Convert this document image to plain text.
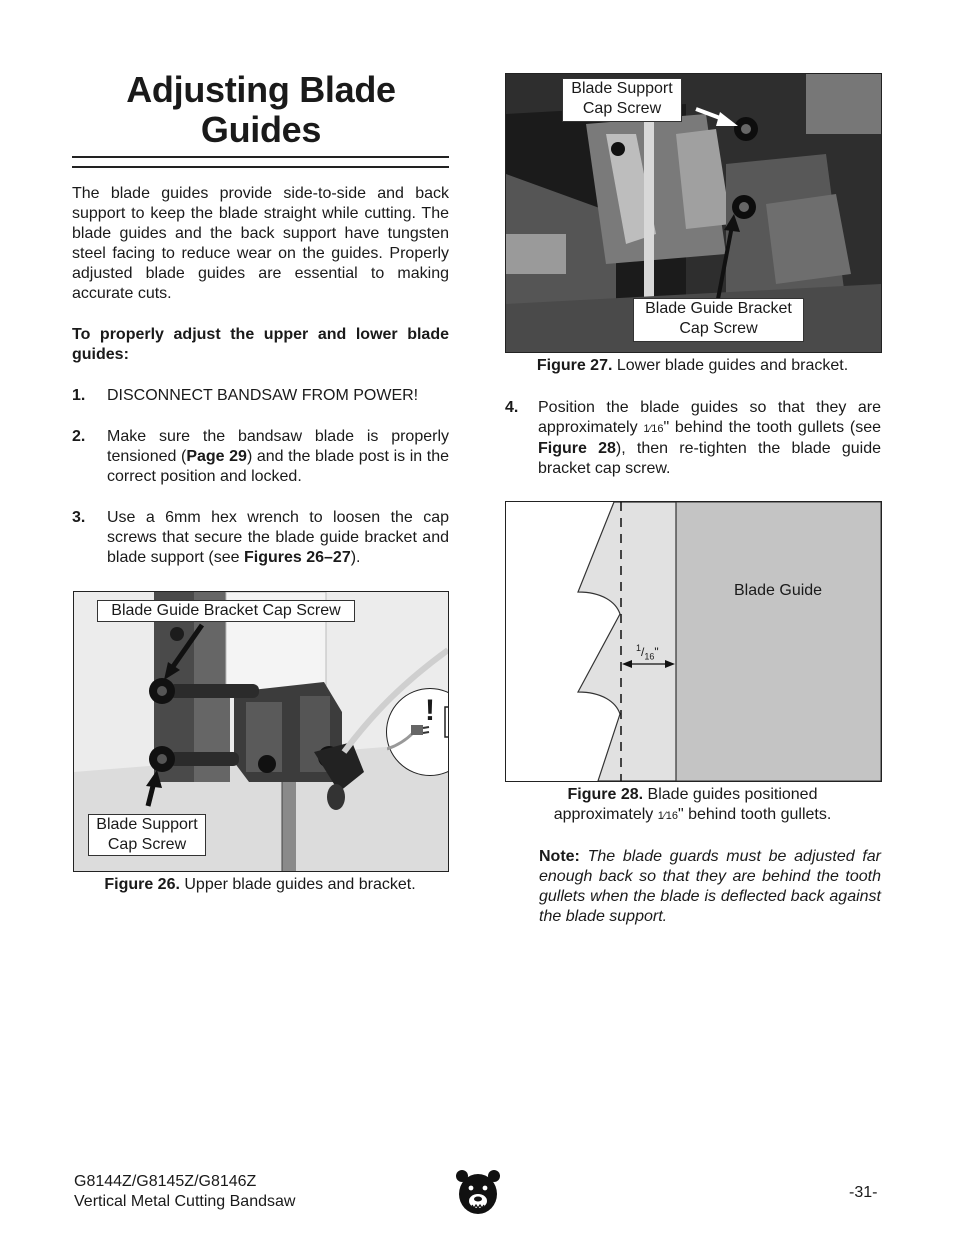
Adjusting Blade
Guides

The blade guides provide side-to-side and back support to keep the blade straight while cutting. The blade guides and the back support have tungsten steel facing to reduce wear on the guides. Properly adjusted blade guides are essential to making accurate cuts.

To properly adjust the upper and lower blade guides:

1. DISCONNECT BANDSAW FROM POWER!
2. Make sure the bandsaw blade is properly tensioned (Page 29) and the blade post is in the correct position and locked.
3. Use a 6mm hex wrench to loosen the cap screws that secure the blade guide bracket and blade support (see Figures 26–27).
!
Blade Guide Bracket Cap Screw
Blade Support
Cap Screw
Figure 26. Upper blade guides and bracket.
Blade Support
Cap Screw
Blade Guide Bracket
Cap Screw
Figure 27. Lower blade guides and bracket.
4. Position the blade guides so that they are approximately 1⁄16" behind the tooth gullets (see Figure 28), then re-tighten the blade guide bracket cap screw.
Blade Guide
$^1/_{16}$"
Figure 28. Blade guides positioned
approximately 1⁄16" behind tooth gullets.
Note: The blade guards must be adjusted far enough back so that they are behind the tooth gullets when the blade is deflected back against the blade support.
G8144Z/G8145Z/G8146Z
Vertical Metal Cutting Bandsaw
-31-
